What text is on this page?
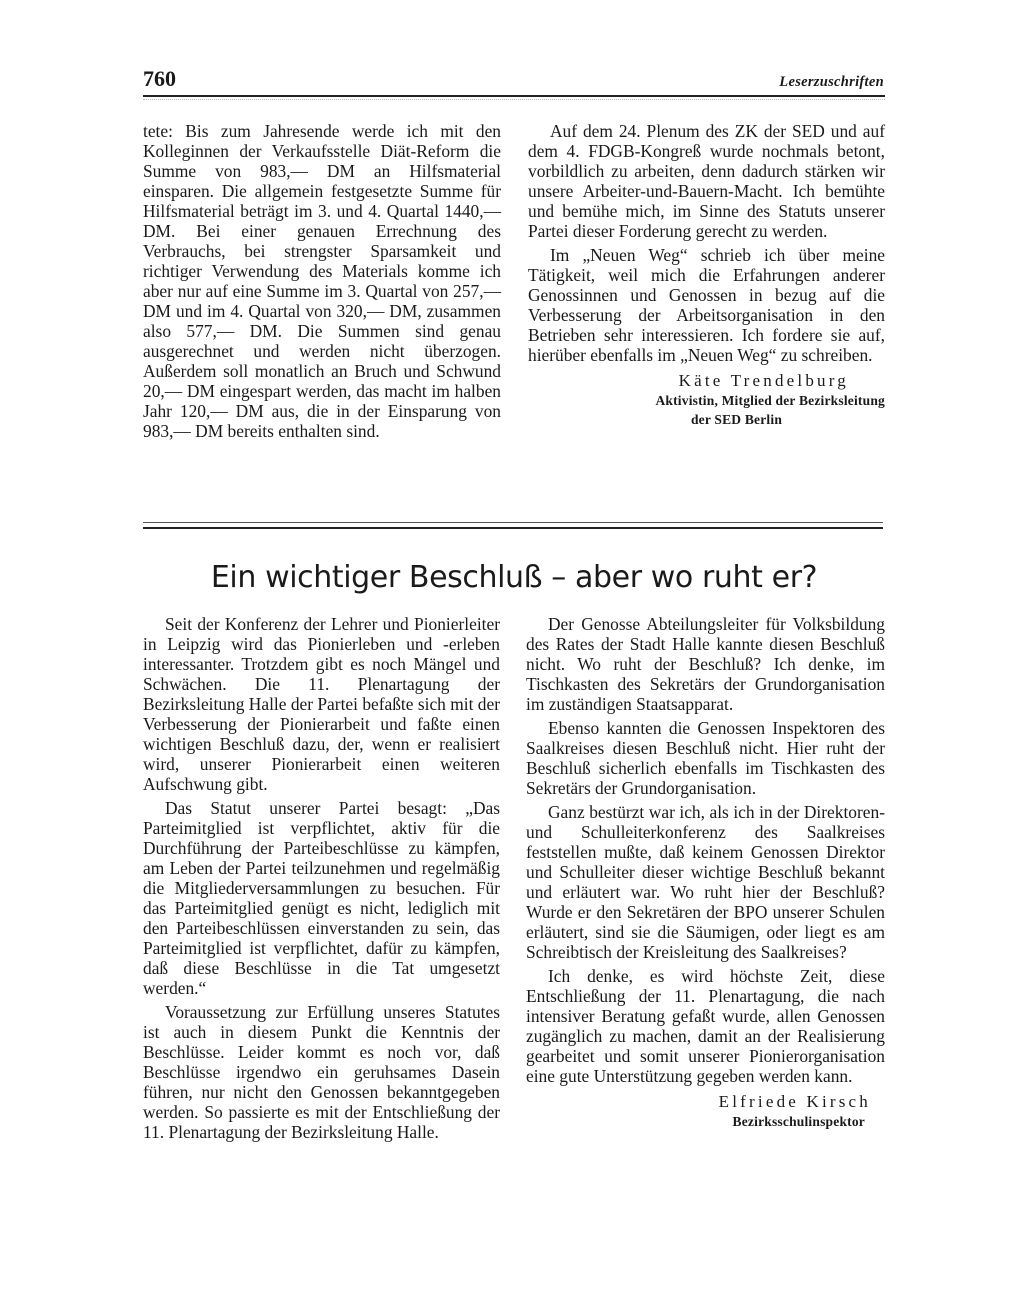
760	Leserzuschriften

tete: Bis zum Jahresende werde ich mit den Kolleginnen der Verkaufsstelle Diät-Reform die Summe von 983,— DM an Hilfsmaterial einsparen. Die allgemein festgesetzte Summe für Hilfsmaterial beträgt im 3. und 4. Quartal 1440,— DM. Bei einer genauen Errechnung des Verbrauchs, bei strengster Sparsamkeit und richtiger Verwendung des Materials komme ich aber nur auf eine Summe im 3. Quartal von 257,— DM und im 4. Quartal von 320,— DM, zusammen also 577,— DM. Die Summen sind genau ausgerechnet und werden nicht überzogen. Außerdem soll monatlich an Bruch und Schwund 20,— DM eingespart werden, das macht im halben Jahr 120,— DM aus, die in der Einsparung von 983,— DM bereits enthalten sind.

Auf dem 24. Plenum des ZK der SED und auf dem 4. FDGB-Kongreß wurde nochmals betont, vorbildlich zu arbeiten, denn dadurch stärken wir unsere Arbeiter-und-Bauern-Macht. Ich bemühte und bemühe mich, im Sinne des Statuts unserer Partei dieser Forderung gerecht zu werden.

Im „Neuen Weg“ schrieb ich über meine Tätigkeit, weil mich die Erfahrungen anderer Genossinnen und Genossen in bezug auf die Verbesserung der Arbeitsorganisation in den Betrieben sehr interessieren. Ich fordere sie auf, hierüber ebenfalls im „Neuen Weg“ zu schreiben.

Käte Trendelburg
Aktivistin, Mitglied der Bezirksleitung
der SED Berlin
Ein wichtiger Beschluß – aber wo ruht er?

Seit der Konferenz der Lehrer und Pionierleiter in Leipzig wird das Pionierleben und -erleben interessanter. Trotzdem gibt es noch Mängel und Schwächen. Die 11. Plenartagung der Bezirksleitung Halle der Partei befaßte sich mit der Verbesserung der Pionierarbeit und faßte einen wichtigen Beschluß dazu, der, wenn er realisiert wird, unserer Pionierarbeit einen weiteren Aufschwung gibt.

Das Statut unserer Partei besagt: „Das Parteimitglied ist verpflichtet, aktiv für die Durchführung der Parteibeschlüsse zu kämpfen, am Leben der Partei teilzunehmen und regelmäßig die Mitgliederversammlungen zu besuchen. Für das Parteimitglied genügt es nicht, lediglich mit den Parteibeschlüssen einverstanden zu sein, das Parteimitglied ist verpflichtet, dafür zu kämpfen, daß diese Beschlüsse in die Tat umgesetzt werden.“

Voraussetzung zur Erfüllung unseres Statutes ist auch in diesem Punkt die Kenntnis der Beschlüsse. Leider kommt es noch vor, daß Beschlüsse irgendwo ein geruhsames Dasein führen, nur nicht den Genossen bekanntgegeben werden. So passierte es mit der Entschließung der 11. Plenartagung der Bezirksleitung Halle.

Der Genosse Abteilungsleiter für Volksbildung des Rates der Stadt Halle kannte diesen Beschluß nicht. Wo ruht der Beschluß? Ich denke, im Tischkasten des Sekretärs der Grundorganisation im zuständigen Staatsapparat.

Ebenso kannten die Genossen Inspektoren des Saalkreises diesen Beschluß nicht. Hier ruht der Beschluß sicherlich ebenfalls im Tischkasten des Sekretärs der Grundorganisation.

Ganz bestürzt war ich, als ich in der Direktoren- und Schulleiterkonferenz des Saalkreises feststellen mußte, daß keinem Genossen Direktor und Schulleiter dieser wichtige Beschluß bekannt und erläutert war. Wo ruht hier der Beschluß? Wurde er den Sekretären der BPO unserer Schulen erläutert, sind sie die Säumigen, oder liegt es am Schreibtisch der Kreisleitung des Saalkreises?

Ich denke, es wird höchste Zeit, diese Entschließung der 11. Plenartagung, die nach intensiver Beratung gefaßt wurde, allen Genossen zugänglich zu machen, damit an der Realisierung gearbeitet und somit unserer Pionierorganisation eine gute Unterstützung gegeben werden kann.

Elfriede Kirsch
Bezirksschulinspektor
